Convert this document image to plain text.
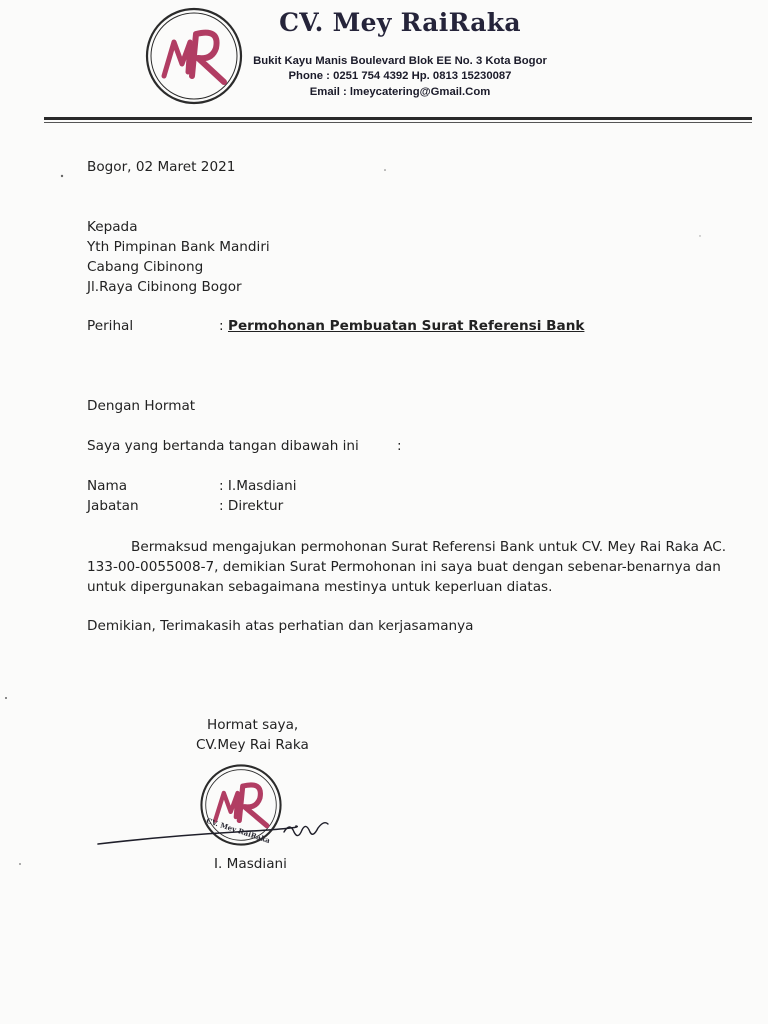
CV. Mey RaiRaka
Bukit Kayu Manis Boulevard Blok EE No. 3 Kota Bogor
Phone : 0251 754 4392 Hp. 0813 15230087
Email : lmeycatering@Gmail.Com
Bogor, 02 Maret 2021
Kepada
Yth Pimpinan Bank Mandiri
Cabang Cibinong
Jl.Raya Cibinong Bogor
Perihal	: Permohonan Pembuatan Surat Referensi Bank
Dengan Hormat
Saya yang bertanda tangan dibawah ini	:
Nama	: I.Masdiani
Jabatan	: Direktur
Bermaksud mengajukan permohonan Surat Referensi Bank untuk CV. Mey Rai Raka AC.
133-00-0055008-7, demikian Surat Permohonan ini saya buat dengan sebenar-benarnya dan
untuk dipergunakan sebagaimana mestinya untuk keperluan diatas.
Demikian, Terimakasih atas perhatian dan kerjasamanya
Hormat saya,
CV.Mey Rai Raka
CV. Mey RaiRaka
I. Masdiani
